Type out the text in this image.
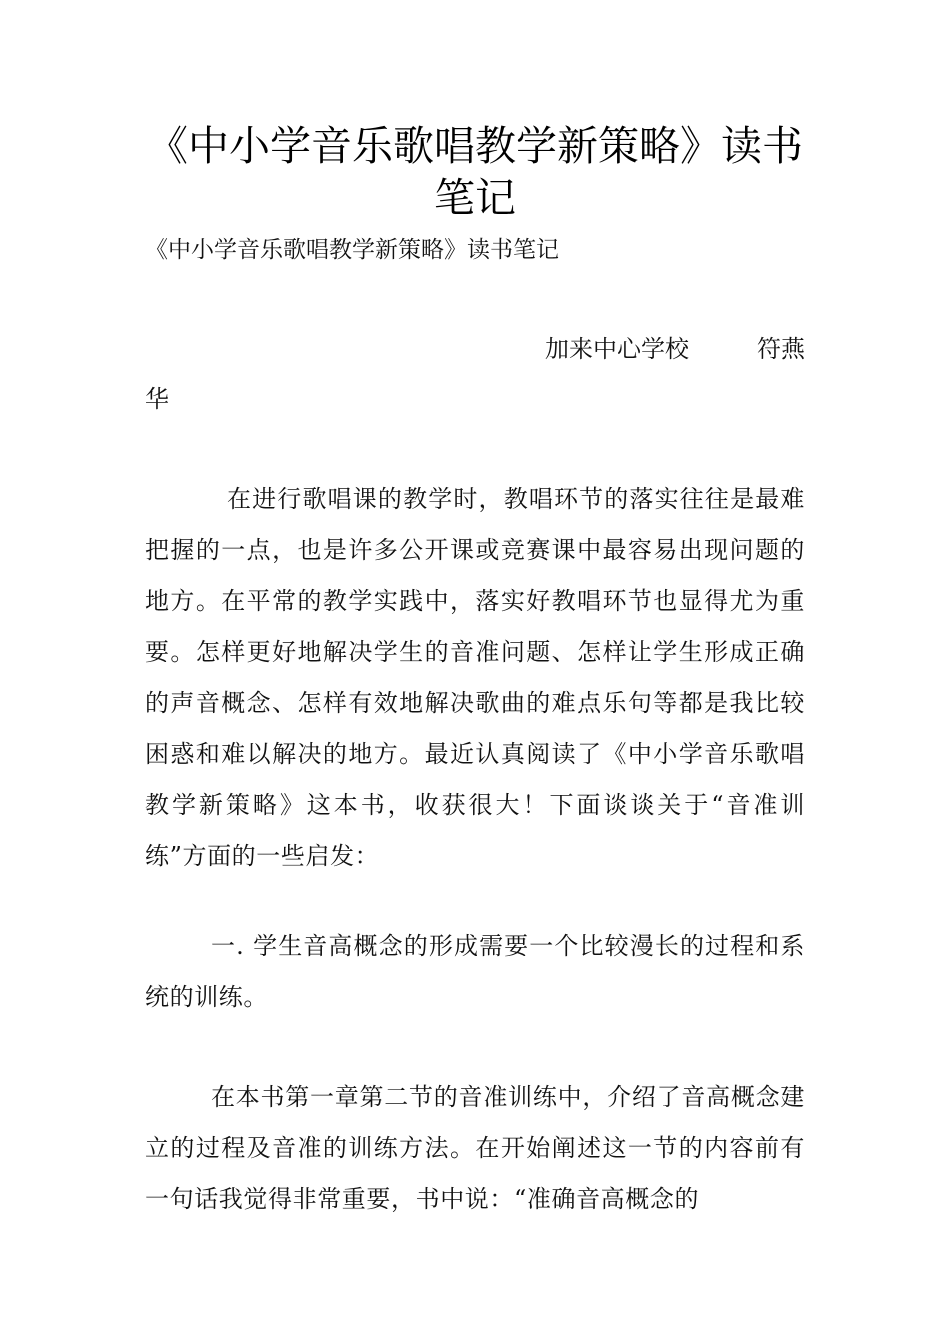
《中小学音乐歌唱教学新策略》读书笔记

《中小学音乐歌唱教学新策略》读书笔记

加来中心学校	符燕

华

在进行歌唱课的教学时，教唱环节的落实往往是最难把握的一点，也是许多公开课或竞赛课中最容易出现问题的地方。在平常的教学实践中，落实好教唱环节也显得尤为重要。怎样更好地解决学生的音准问题、怎样让学生形成正确的声音概念、怎样有效地解决歌曲的难点乐句等都是我比较困惑和难以解决的地方。最近认真阅读了《中小学音乐歌唱教学新策略》这本书，收获很大！下面谈谈关于“音准训练”方面的一些启发：

一. 学生音高概念的形成需要一个比较漫长的过程和系统的训练。

在本书第一章第二节的音准训练中，介绍了音高概念建立的过程及音准的训练方法。在开始阐述这一节的内容前有一句话我觉得非常重要，书中说：“准确音高概念的
